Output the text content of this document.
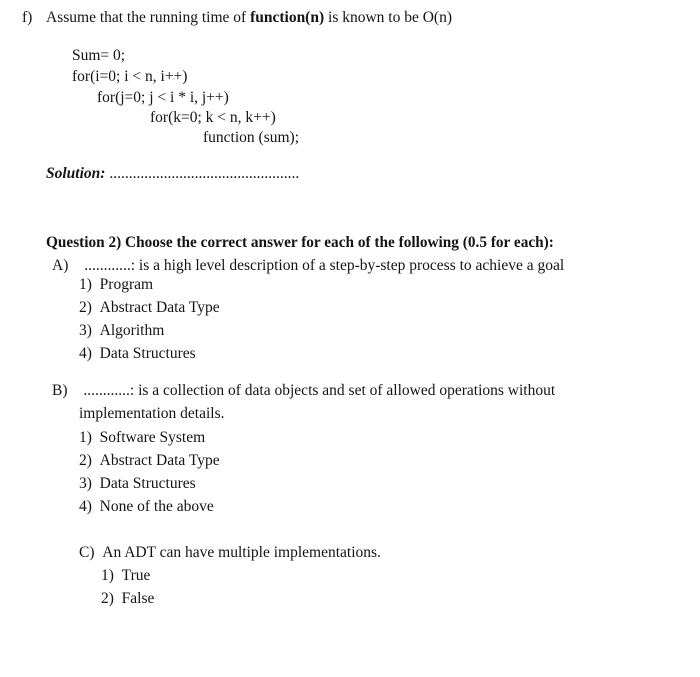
f) Assume that the running time of function(n) is known to be O(n)
Sum= 0;
for(i=0; i < n, i++)
for(j=0; j < i * i, j++)
for(k=0; k < n, k++)
function (sum);
Solution: .................................................
Question 2) Choose the correct answer for each of the following (0.5 for each):
A) ............: is a high level description of a step-by-step process to achieve a goal
1) Program
2) Abstract Data Type
3) Algorithm
4) Data Structures
B) ............: is a collection of data objects and set of allowed operations without
implementation details.
1) Software System
2) Abstract Data Type
3) Data Structures
4) None of the above
C) An ADT can have multiple implementations.
1) True
2) False
